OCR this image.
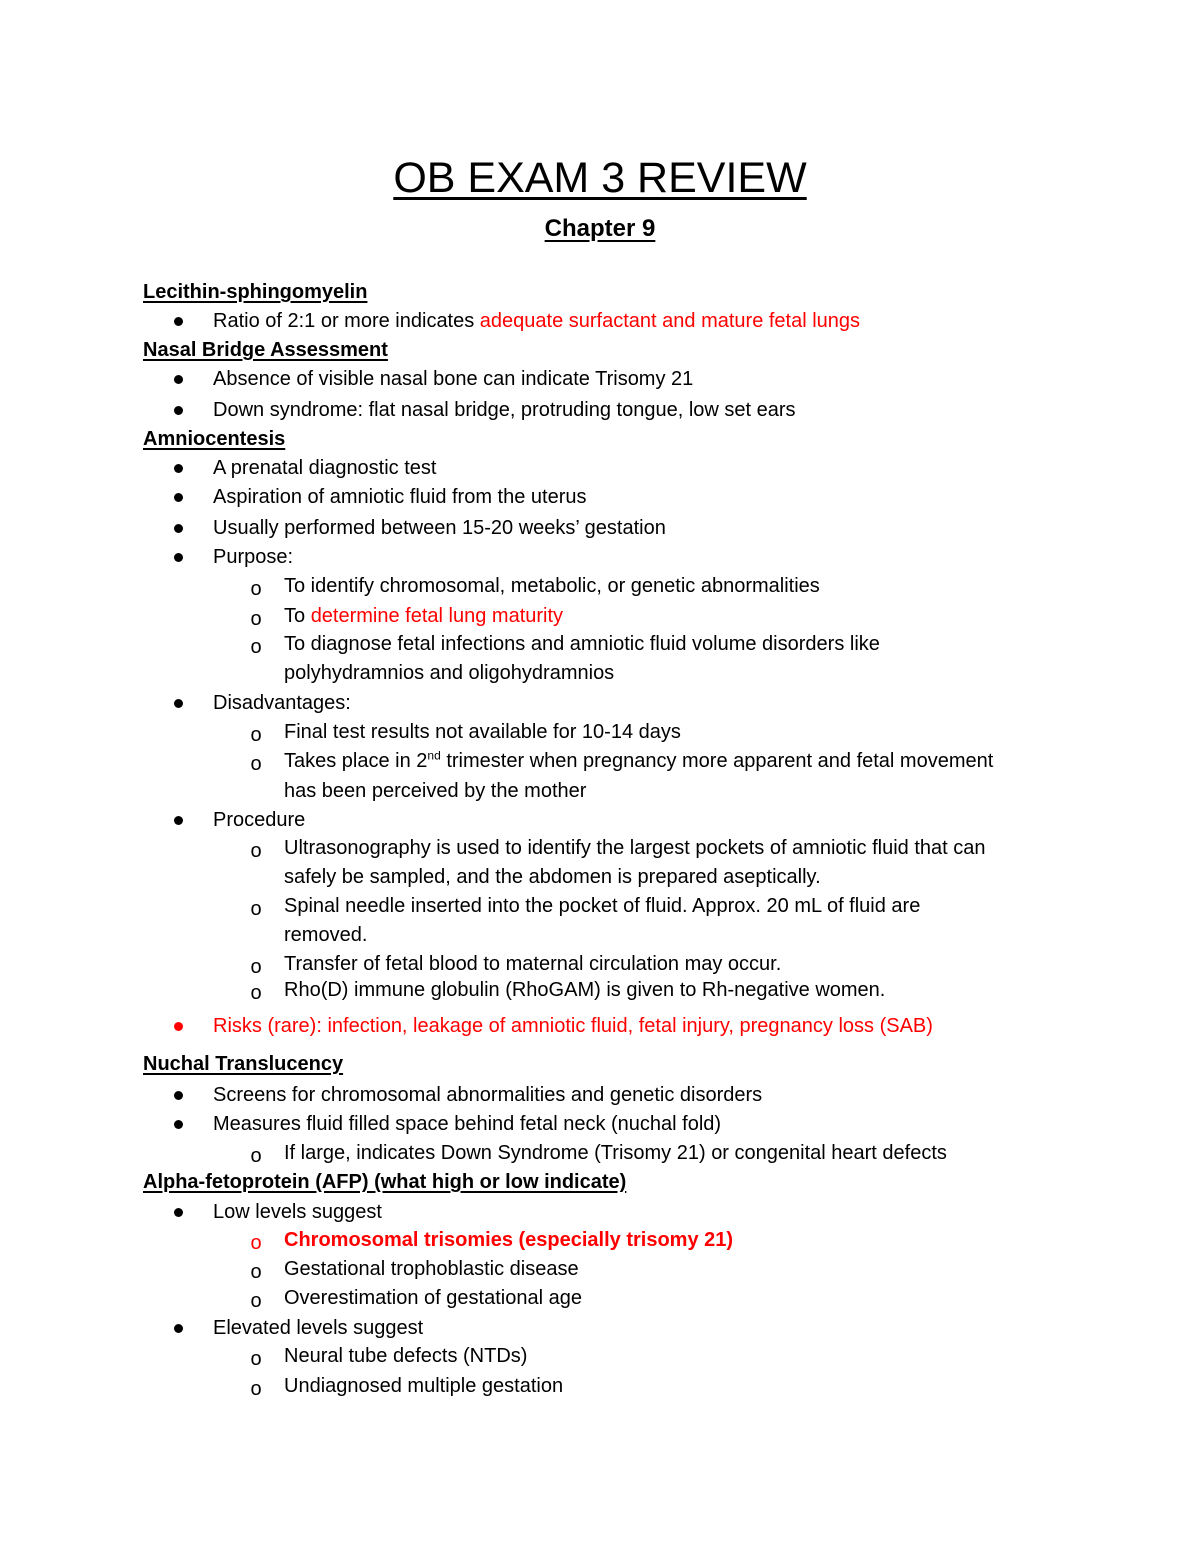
OB EXAM 3 REVIEW
Chapter 9
Lecithin-sphingomyelin
Ratio of 2:1 or more indicates adequate surfactant and mature fetal lungs
Nasal Bridge Assessment
Absence of visible nasal bone can indicate Trisomy 21
Down syndrome: flat nasal bridge, protruding tongue, low set ears
Amniocentesis
A prenatal diagnostic test
Aspiration of amniotic fluid from the uterus
Usually performed between 15-20 weeks’ gestation
Purpose:
o To identify chromosomal, metabolic, or genetic abnormalities
o To determine fetal lung maturity
o To diagnose fetal infections and amniotic fluid volume disorders like
polyhydramnios and oligohydramnios
Disadvantages:
o Final test results not available for 10-14 days
o Takes place in 2nd trimester when pregnancy more apparent and fetal movement
has been perceived by the mother
Procedure
o Ultrasonography is used to identify the largest pockets of amniotic fluid that can
safely be sampled, and the abdomen is prepared aseptically.
o Spinal needle inserted into the pocket of fluid. Approx. 20 mL of fluid are
removed.
o Transfer of fetal blood to maternal circulation may occur.
o Rho(D) immune globulin (RhoGAM) is given to Rh-negative women.
Risks (rare): infection, leakage of amniotic fluid, fetal injury, pregnancy loss (SAB)
Nuchal Translucency
Screens for chromosomal abnormalities and genetic disorders
Measures fluid filled space behind fetal neck (nuchal fold)
o If large, indicates Down Syndrome (Trisomy 21) or congenital heart defects
Alpha-fetoprotein (AFP) (what high or low indicate)
Low levels suggest
o Chromosomal trisomies (especially trisomy 21)
o Gestational trophoblastic disease
o Overestimation of gestational age
Elevated levels suggest
o Neural tube defects (NTDs)
o Undiagnosed multiple gestation
